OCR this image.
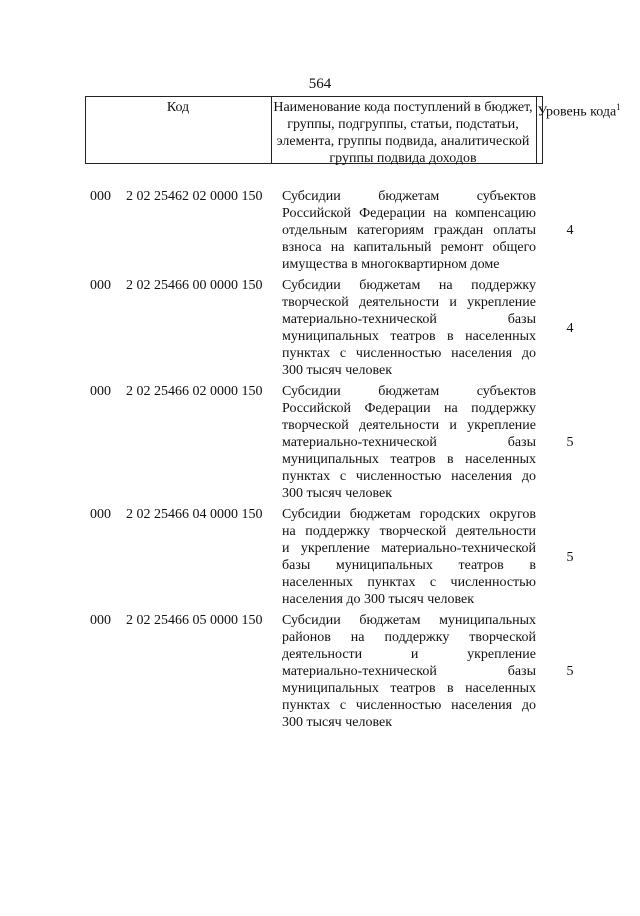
564
Код	Наименование кода поступлений в бюджет, группы, подгруппы, статьи, подстатьи, элемента, группы подвида, аналитической группы подвида доходов
Уровень кода$^1$
000 2 02 25462 02 0000 150 Субсидии бюджетам субъектов
Российской Федерации на компенсацию
отдельным категориям граждан оплаты
взноса на капитальный ремонт общего
имущества в многоквартирном доме
4
000 2 02 25466 00 0000 150 Субсидии бюджетам на поддержку
творческой деятельности и укрепление
материально-технической базы
муниципальных театров в населенных
пунктах с численностью населения до
300 тысяч человек
4
000 2 02 25466 02 0000 150 Субсидии бюджетам субъектов
Российской Федерации на поддержку
творческой деятельности и укрепление
материально-технической базы
муниципальных театров в населенных
пунктах с численностью населения до
300 тысяч человек
5
000 2 02 25466 04 0000 150 Субсидии бюджетам городских округов
на поддержку творческой деятельности
и укрепление материально-технической
базы муниципальных театров в
населенных пунктах с численностью
населения до 300 тысяч человек
5
000 2 02 25466 05 0000 150 Субсидии бюджетам муниципальных
районов на поддержку творческой
деятельности и укрепление
материально-технической базы
муниципальных театров в населенных
пунктах с численностью населения до
300 тысяч человек
5
